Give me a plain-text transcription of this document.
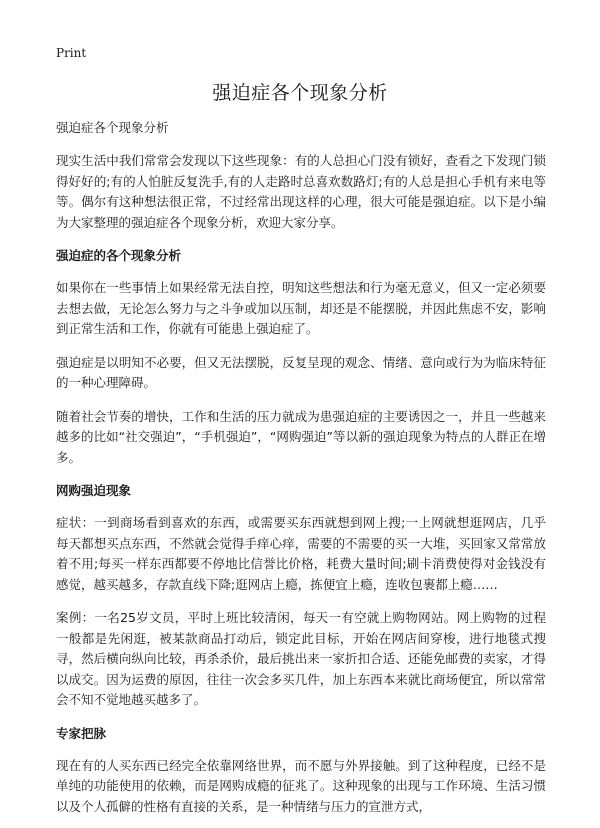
Print
强迫症各个现象分析

强迫症各个现象分析

现实生活中我们常常会发现以下这些现象：有的人总担心门没有锁好，查看之下发现门锁得好好的;有的人怕脏反复洗手,有的人走路时总喜欢数路灯;有的人总是担心手机有来电等等。偶尔有这种想法很正常，不过经常出现这样的心理，很大可能是强迫症。以下是小编为大家整理的强迫症各个现象分析，欢迎大家分享。

强迫症的各个现象分析

如果你在一些事情上如果经常无法自控，明知这些想法和行为毫无意义，但又一定必须要去想去做，无论怎么努力与之斗争或加以压制，却还是不能摆脱，并因此焦虑不安，影响到正常生活和工作，你就有可能患上强迫症了。

强迫症是以明知不必要，但又无法摆脱，反复呈现的观念、情绪、意向或行为为临床特征的一种心理障碍。

随着社会节奏的增快，工作和生活的压力就成为患强迫症的主要诱因之一，并且一些越来越多的比如“社交强迫”，“手机强迫”，“网购强迫”等以新的强迫现象为特点的人群正在增多。

网购强迫现象

症状：一到商场看到喜欢的东西，或需要买东西就想到网上搜;一上网就想逛网店，几乎每天都想买点东西，不然就会觉得手痒心痒，需要的不需要的买一大堆，买回家又常常放着不用;每买一样东西都要不停地比信誉比价格，耗费大量时间;刷卡消费使得对金钱没有感觉，越买越多，存款直线下降;逛网店上瘾，拣便宜上瘾，连收包裹都上瘾……

案例：一名25岁文员，平时上班比较清闲，每天一有空就上购物网站。网上购物的过程一般都是先闲逛，被某款商品打动后，锁定此目标，开始在网店间穿梭，进行地毯式搜寻，然后横向纵向比较，再杀杀价，最后挑出来一家折扣合适、还能免邮费的卖家，才得以成交。因为运费的原因，往往一次会多买几件，加上东西本来就比商场便宜，所以常常会不知不觉地越买越多了。

专家把脉

现在有的人买东西已经完全依靠网络世界，而不愿与外界接触。到了这种程度，已经不是单纯的功能使用的依赖，而是网购成瘾的征兆了。这种现象的出现与工作环境、生活习惯以及个人孤僻的性格有直接的关系，是一种情绪与压力的宣泄方式，
